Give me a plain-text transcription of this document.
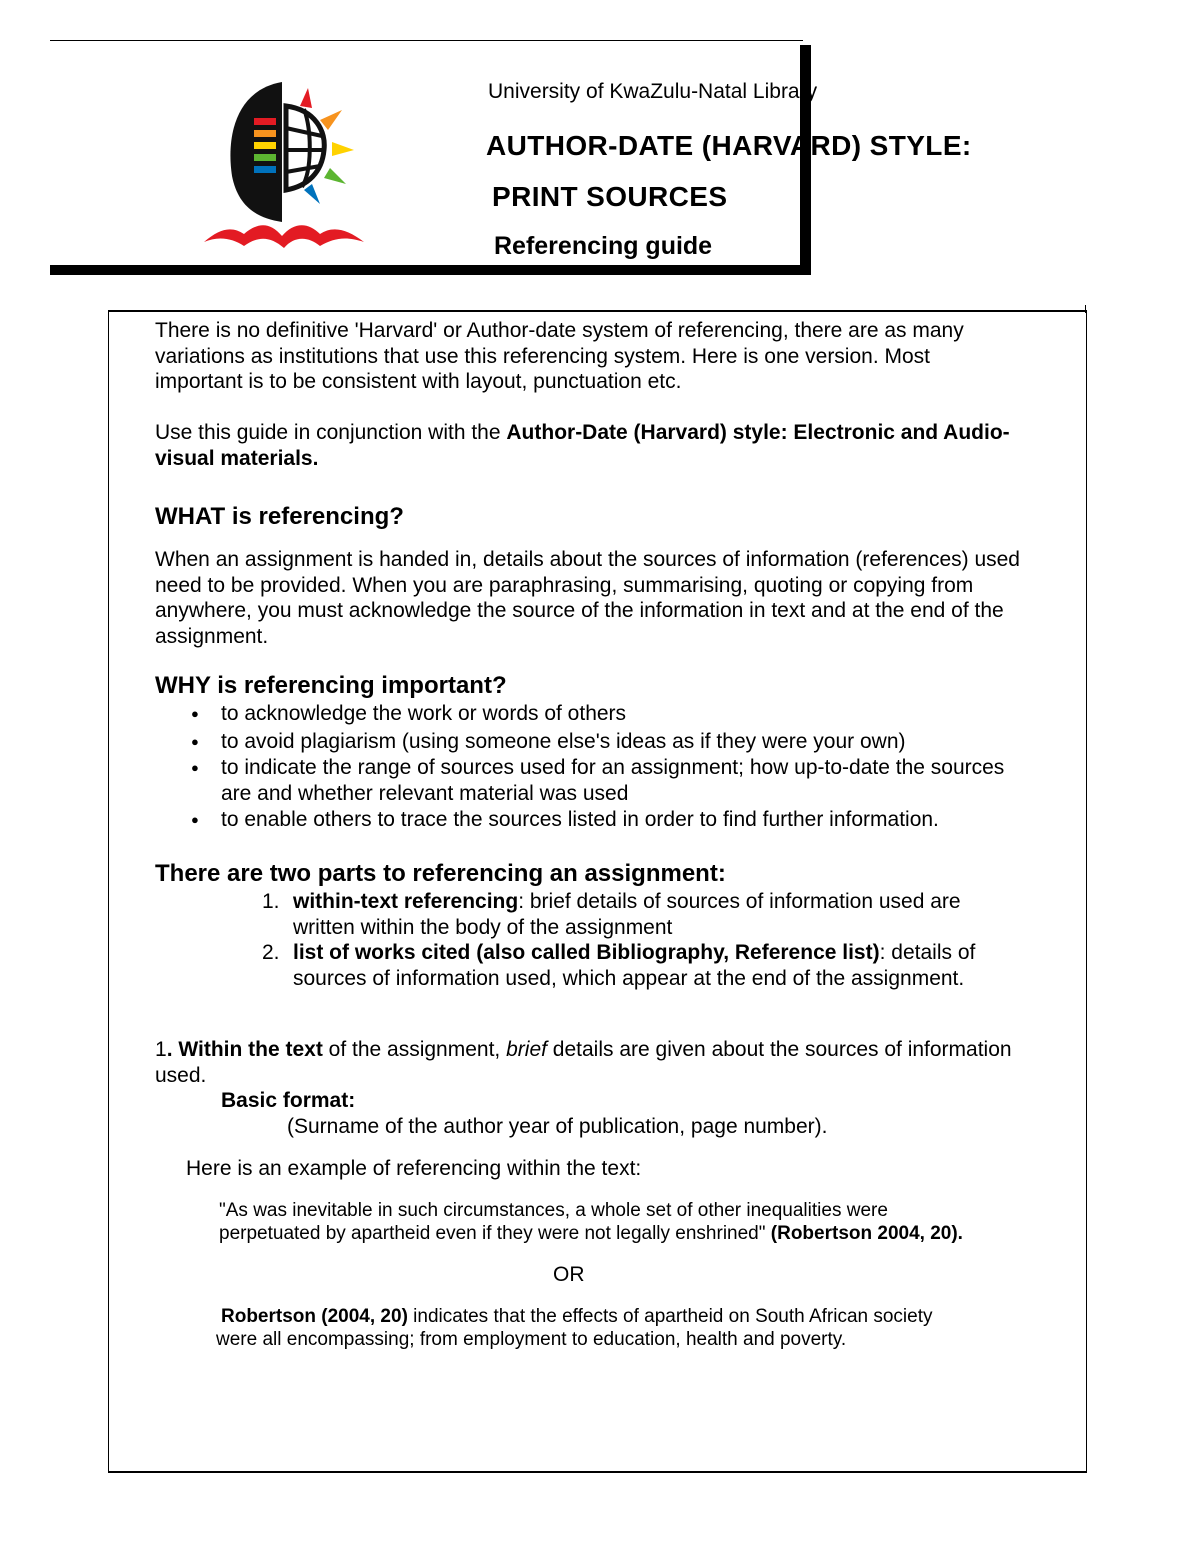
University of KwaZulu-Natal Library
AUTHOR-DATE (HARVARD) STYLE:
PRINT SOURCES
Referencing guide
There is no definitive 'Harvard' or Author-date system of referencing, there are as many
variations as institutions that use this referencing system. Here is one version. Most
important is to be consistent with layout, punctuation etc.
Use this guide in conjunction with the Author-Date (Harvard) style: Electronic and Audio-
visual materials.
WHAT is referencing?
When an assignment is handed in, details about the sources of information (references) used
need to be provided. When you are paraphrasing, summarising, quoting or copying from
anywhere, you must acknowledge the source of the information in text and at the end of the
assignment.
WHY is referencing important?
● to acknowledge the work or words of others
● to avoid plagiarism (using someone else's ideas as if they were your own)
● to indicate the range of sources used for an assignment; how up-to-date the sources
are and whether relevant material was used
● to enable others to trace the sources listed in order to find further information.
There are two parts to referencing an assignment:
1. within-text referencing: brief details of sources of information used are
written within the body of the assignment
2. list of works cited (also called Bibliography, Reference list): details of
sources of information used, which appear at the end of the assignment.
1. Within the text of the assignment, brief details are given about the sources of information
used.
Basic format:
(Surname of the author year of publication, page number).
Here is an example of referencing within the text:
"As was inevitable in such circumstances, a whole set of other inequalities were
perpetuated by apartheid even if they were not legally enshrined" (Robertson 2004, 20).
OR
Robertson (2004, 20) indicates that the effects of apartheid on South African society
were all encompassing; from employment to education, health and poverty.
